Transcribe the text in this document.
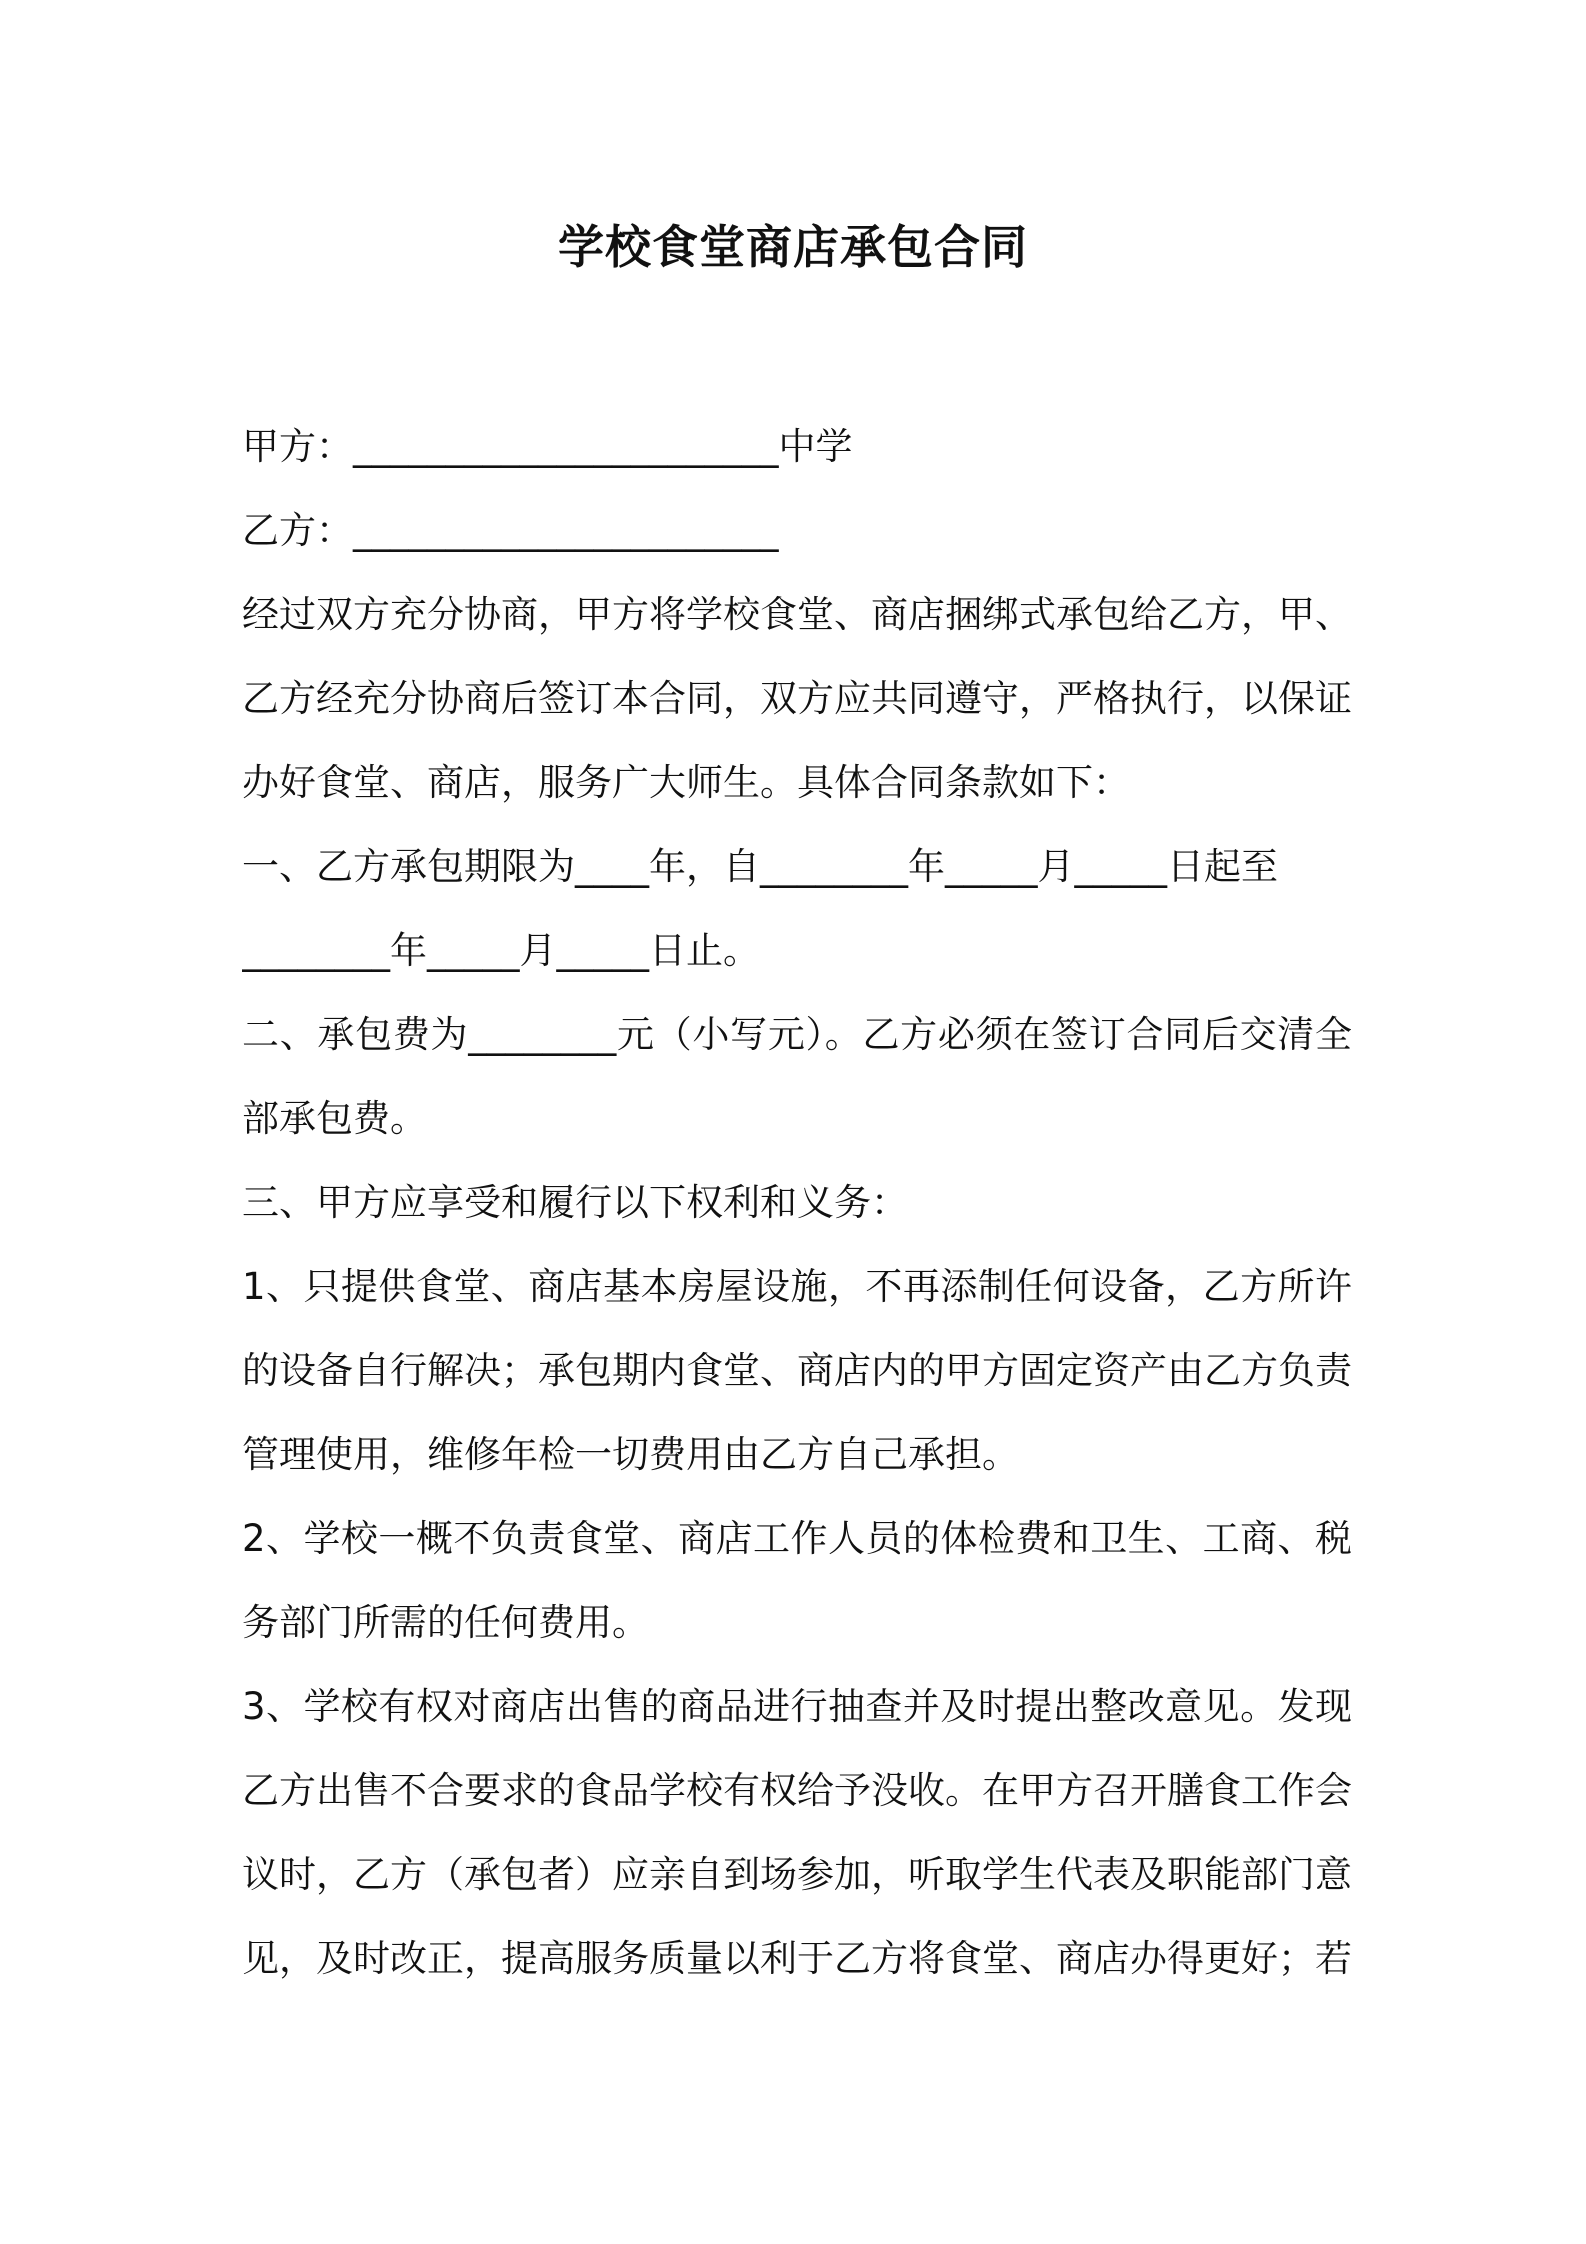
学校食堂商店承包合同
甲方：_______________________中学
乙方：_______________________
经过双方充分协商，甲方将学校食堂、商店捆绑式承包给乙方，甲、
乙方经充分协商后签订本合同，双方应共同遵守，严格执行，以保证
办好食堂、商店，服务广大师生。具体合同条款如下：
一、乙方承包期限为____年，自________年_____月_____日起至
________年_____月_____日止。
二、承包费为________元（小写元）。乙方必须在签订合同后交清全
部承包费。
三、甲方应享受和履行以下权利和义务：
1、只提供食堂、商店基本房屋设施，不再添制任何设备，乙方所许
的设备自行解决；承包期内食堂、商店内的甲方固定资产由乙方负责
管理使用，维修年检一切费用由乙方自己承担。
2、学校一概不负责食堂、商店工作人员的体检费和卫生、工商、税
务部门所需的任何费用。
3、学校有权对商店出售的商品进行抽查并及时提出整改意见。发现
乙方出售不合要求的食品学校有权给予没收。在甲方召开膳食工作会
议时，乙方（承包者）应亲自到场参加，听取学生代表及职能部门意
见，及时改正，提高服务质量以利于乙方将食堂、商店办得更好；若
